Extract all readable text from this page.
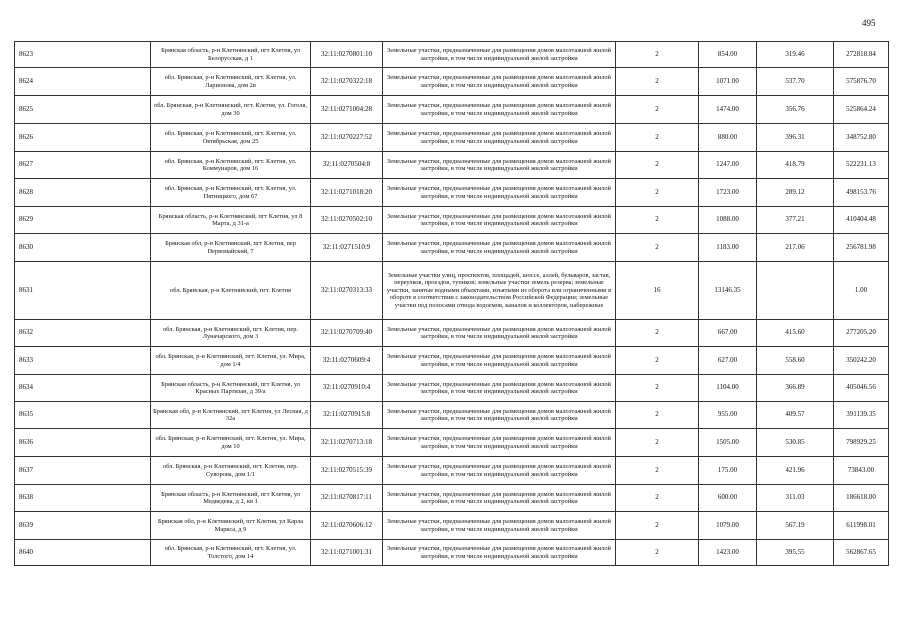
495
8623	Брянская область, р-н Клетнянский, пгт Клетня, ул Белорусская, д 1	32:11:0270801:10	Земельные участки, предназначенные для размещения домов малоэтажной жилой застройки, в том числе индивидуальной жилой застройки	2	854.00	319.46	272818.84
8624	обл. Брянская, р-н Клетнянский, пгт. Клетня, ул. Ларионова, дом 2в	32:11:0270322:18	Земельные участки, предназначенные для размещения домов малоэтажной жилой застройки, в том числе индивидуальной жилой застройки	2	1071.00	537.70	575876.70
8625	обл. Брянская, р-н Клетнянский, пгт. Клетня, ул. Гоголя, дом 30	32:11:0271004:28	Земельные участки, предназначенные для размещения домов малоэтажной жилой застройки, в том числе индивидуальной жилой застройки	2	1474.00	356.76	525864.24
8626	обл. Брянская, р-н Клетнянский, пгт. Клетня, ул. Октябрьская, дом 25	32:11:0270227:52	Земельные участки, предназначенные для размещения домов малоэтажной жилой застройки, в том числе индивидуальной жилой застройки	2	880.00	396.31	348752.80
8627	обл. Брянская, р-н Клетнянский, пгт. Клетня, ул. Коммунаров, дом 16	32:11:0270504:8	Земельные участки, предназначенные для размещения домов малоэтажной жилой застройки, в том числе индивидуальной жилой застройки	2	1247.00	418.79	522231.13
8628	обл. Брянская, р-н Клетнянский, пгт. Клетня, ул. Пятницкого, дом 67	32:11:0271018:20	Земельные участки, предназначенные для размещения домов малоэтажной жилой застройки, в том числе индивидуальной жилой застройки	2	1723.00	289.12	498153.76
8629	Брянская область, р-н Клетнянский, пгт Клетня, ул 8 Марта, д 31-а	32:11:0270502:10	Земельные участки, предназначенные для размещения домов малоэтажной жилой застройки, в том числе индивидуальной жилой застройки	2	1088.00	377.21	410404.48
8630	Брянская обл, р-н Клетнянский, пгт Клетня, пер Первомайский, 7	32:11:0271510:9	Земельные участки, предназначенные для размещения домов малоэтажной жилой застройки, в том числе индивидуальной жилой застройки	2	1183.00	217.06	256781.98
8631	обл. Брянская, р-н Клетнянский, пгт. Клетня	32:11:0270313:33	Земельные участки улиц, проспектов, площадей, шоссе, аллей, бульваров, застав, переулков, проездов, тупиков; земельные участки земель резерва; земельные участки, занятые водными объектами, изъятыми из оборота или ограниченными в обороте в соответствии с законодательством Российской Федерации; земельные участки под полосами отвода водоемов, каналов и коллекторов, набережные	16	13146.35		1.00
8632	обл. Брянская, р-н Клетнянский, пгт. Клетня, пер. Луначарского, дом 3	32:11:0270709:40	Земельные участки, предназначенные для размещения домов малоэтажной жилой застройки, в том числе индивидуальной жилой застройки	2	667.00	415.60	277205.20
8633	обл. Брянская, р-н Клетнянский, пгт. Клетня, ул. Мира, дом 1/4	32:11:0270609:4	Земельные участки, предназначенные для размещения домов малоэтажной жилой застройки, в том числе индивидуальной жилой застройки	2	627.00	558.60	350242.20
8634	Брянская область, р-н Клетнянский, пгт Клетня, ул Красных Партизан, д 39/а	32:11:0270910:4	Земельные участки, предназначенные для размещения домов малоэтажной жилой застройки, в том числе индивидуальной жилой застройки	2	1104.00	366.89	405046.56
8635	Брянская обл, р-н Клетнянский, пгт Клетня, ул Лесная, д 32а	32:11:0270915:8	Земельные участки, предназначенные для размещения домов малоэтажной жилой застройки, в том числе индивидуальной жилой застройки	2	955.00	409.57	391139.35
8636	обл. Брянская, р-н Клетнянский, пгт. Клетня, ул. Мира, дом 10	32:11:0270713:18	Земельные участки, предназначенные для размещения домов малоэтажной жилой застройки, в том числе индивидуальной жилой застройки	2	1505.00	530.85	798929.25
8637	обл. Брянская, р-н Клетнянский, пгт. Клетня, пер. Суворова, дом 1/1	32:11:0270515:39	Земельные участки, предназначенные для размещения домов малоэтажной жилой застройки, в том числе индивидуальной жилой застройки	2	175.00	421.96	73843.00
8638	Брянская область, р-н Клетнянский, пгт Клетня, ул Медведева, д 2, кв 1	32:11:0270817:11	Земельные участки, предназначенные для размещения домов малоэтажной жилой застройки, в том числе индивидуальной жилой застройки	2	600.00	311.03	186618.00
8639	Брянская обл, р-н Клетнянский, пгт Клетня, ул Карла Маркса, д 9	32:11:0270606:12	Земельные участки, предназначенные для размещения домов малоэтажной жилой застройки, в том числе индивидуальной жилой застройки	2	1079.00	567.19	611998.01
8640	обл. Брянская, р-н Клетнянский, пгт. Клетня, ул. Толстого, дом 14	32:11:0271001:31	Земельные участки, предназначенные для размещения домов малоэтажной жилой застройки, в том числе индивидуальной жилой застройки	2	1423.00	395.55	562867.65
